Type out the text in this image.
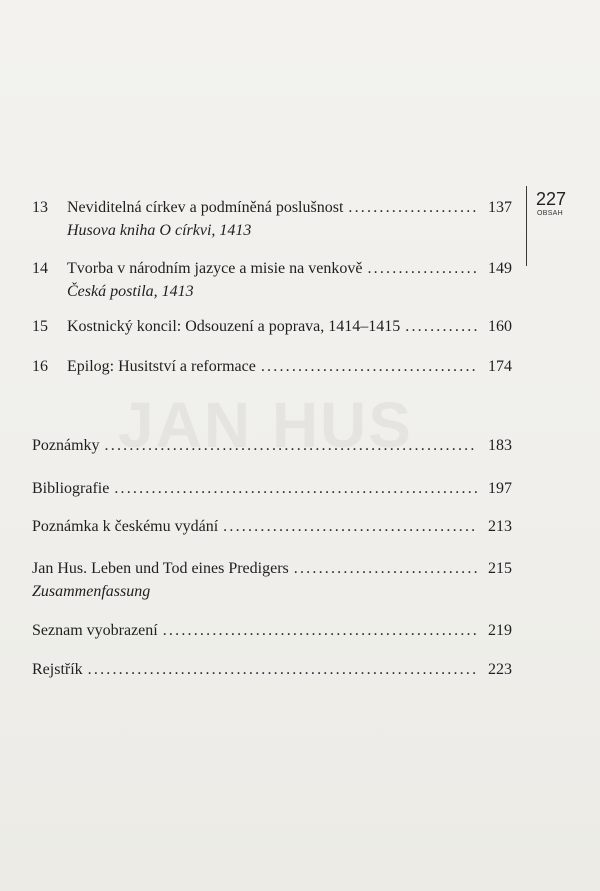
JAN HUS
227
OBSAH
13	Neviditelná církev a podmíněná poslušnost .....	137
Husova kniha O církvi, 1413
14	Tvorba v národním jazyce a misie na venkově .....	149
Česká postila, 1413
15	Kostnický koncil: Odsouzení a poprava, 1414–1415 .....	160
16	Epilog: Husitství a reformace .....	174
Poznámky .....	183
Bibliografie .....	197
Poznámka k českému vydání .....	213
Jan Hus. Leben und Tod eines Predigers .....	215
Zusammenfassung
Seznam vyobrazení .....	219
Rejstřík .....	223
